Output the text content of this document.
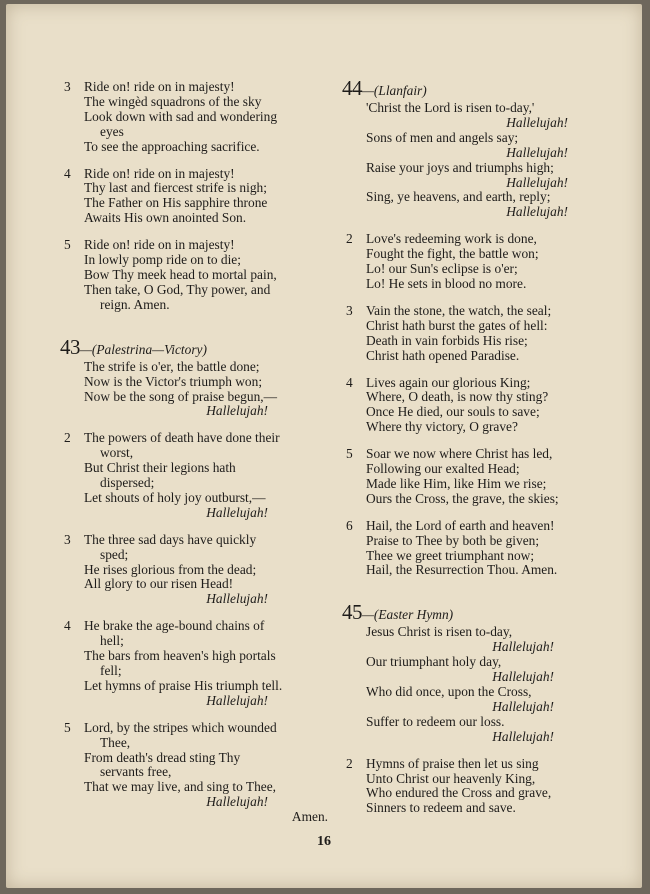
3 Ride on! ride on in majesty!
The wingèd squadrons of the sky
Look down with sad and wondering
eyes
To see the approaching sacrifice.
4 Ride on! ride on in majesty!
Thy last and fiercest strife is nigh;
The Father on His sapphire throne
Awaits His own anointed Son.
5 Ride on! ride on in majesty!
In lowly pomp ride on to die;
Bow Thy meek head to mortal pain,
Then take, O God, Thy power, and
reign. Amen.
43—(Palestrina—Victory)
The strife is o'er, the battle done;
Now is the Victor's triumph won;
Now be the song of praise begun,—
Hallelujah!
2 The powers of death have done their
worst,
But Christ their legions hath
dispersed;
Let shouts of holy joy outburst,—
Hallelujah!
3 The three sad days have quickly
sped;
He rises glorious from the dead;
All glory to our risen Head!
Hallelujah!
4 He brake the age-bound chains of
hell;
The bars from heaven's high portals
fell;
Let hymns of praise His triumph tell.
Hallelujah!
5 Lord, by the stripes which wounded
Thee,
From death's dread sting Thy
servants free,
That we may live, and sing to Thee,
Hallelujah!
Amen.
44—(Llanfair)
'Christ the Lord is risen to-day,'
Hallelujah!
Sons of men and angels say;
Hallelujah!
Raise your joys and triumphs high;
Hallelujah!
Sing, ye heavens, and earth, reply;
Hallelujah!
2 Love's redeeming work is done,
Fought the fight, the battle won;
Lo! our Sun's eclipse is o'er;
Lo! He sets in blood no more.
3 Vain the stone, the watch, the seal;
Christ hath burst the gates of hell:
Death in vain forbids His rise;
Christ hath opened Paradise.
4 Lives again our glorious King;
Where, O death, is now thy sting?
Once He died, our souls to save;
Where thy victory, O grave?
5 Soar we now where Christ has led,
Following our exalted Head;
Made like Him, like Him we rise;
Ours the Cross, the grave, the skies;
6 Hail, the Lord of earth and heaven!
Praise to Thee by both be given;
Thee we greet triumphant now;
Hail, the Resurrection Thou. Amen.
45—(Easter Hymn)
Jesus Christ is risen to-day,
Hallelujah!
Our triumphant holy day,
Hallelujah!
Who did once, upon the Cross,
Hallelujah!
Suffer to redeem our loss.
Hallelujah!
2 Hymns of praise then let us sing
Unto Christ our heavenly King,
Who endured the Cross and grave,
Sinners to redeem and save.
16
